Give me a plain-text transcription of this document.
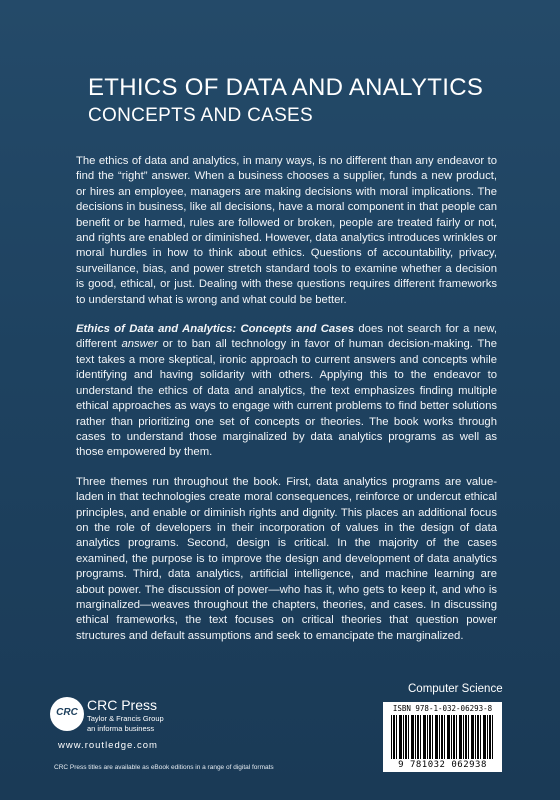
ETHICS OF DATA AND ANALYTICS
CONCEPTS AND CASES

The ethics of data and analytics, in many ways, is no different than any endeavor to find the “right” answer. When a business chooses a supplier, funds a new product, or hires an employee, managers are making decisions with moral implications. The decisions in business, like all decisions, have a moral component in that people can benefit or be harmed, rules are followed or broken, people are treated fairly or not, and rights are enabled or diminished. However, data analytics introduces wrinkles or moral hurdles in how to think about ethics. Questions of accountability, privacy, surveillance, bias, and power stretch standard tools to examine whether a decision is good, ethical, or just. Dealing with these questions requires different frameworks to understand what is wrong and what could be better.

Ethics of Data and Analytics: Concepts and Cases does not search for a new, different answer or to ban all technology in favor of human decision-making. The text takes a more skeptical, ironic approach to current answers and concepts while identifying and having solidarity with others. Applying this to the endeavor to understand the ethics of data and analytics, the text emphasizes finding multiple ethical approaches as ways to engage with current problems to find better solutions rather than prioritizing one set of concepts or theories. The book works through cases to understand those marginalized by data analytics programs as well as those empowered by them.

Three themes run throughout the book. First, data analytics programs are value-laden in that technologies create moral consequences, reinforce or undercut ethical principles, and enable or diminish rights and dignity. This places an additional focus on the role of developers in their incorporation of values in the design of data analytics programs. Second, design is critical. In the majority of the cases examined, the purpose is to improve the design and development of data analytics programs. Third, data analytics, artificial intelligence, and machine learning are about power. The discussion of power—who has it, who gets to keep it, and who is marginalized—weaves throughout the chapters, theories, and cases. In discussing ethical frameworks, the text focuses on critical theories that question power structures and default assumptions and seek to emancipate the marginalized.

Computer Science
CRC CRC Press
Taylor & Francis Group
an informa business
www.routledge.com
CRC Press titles are available as eBook editions in a range of digital formats
ISBN 978-1-032-06293-8
9 781032 062938
